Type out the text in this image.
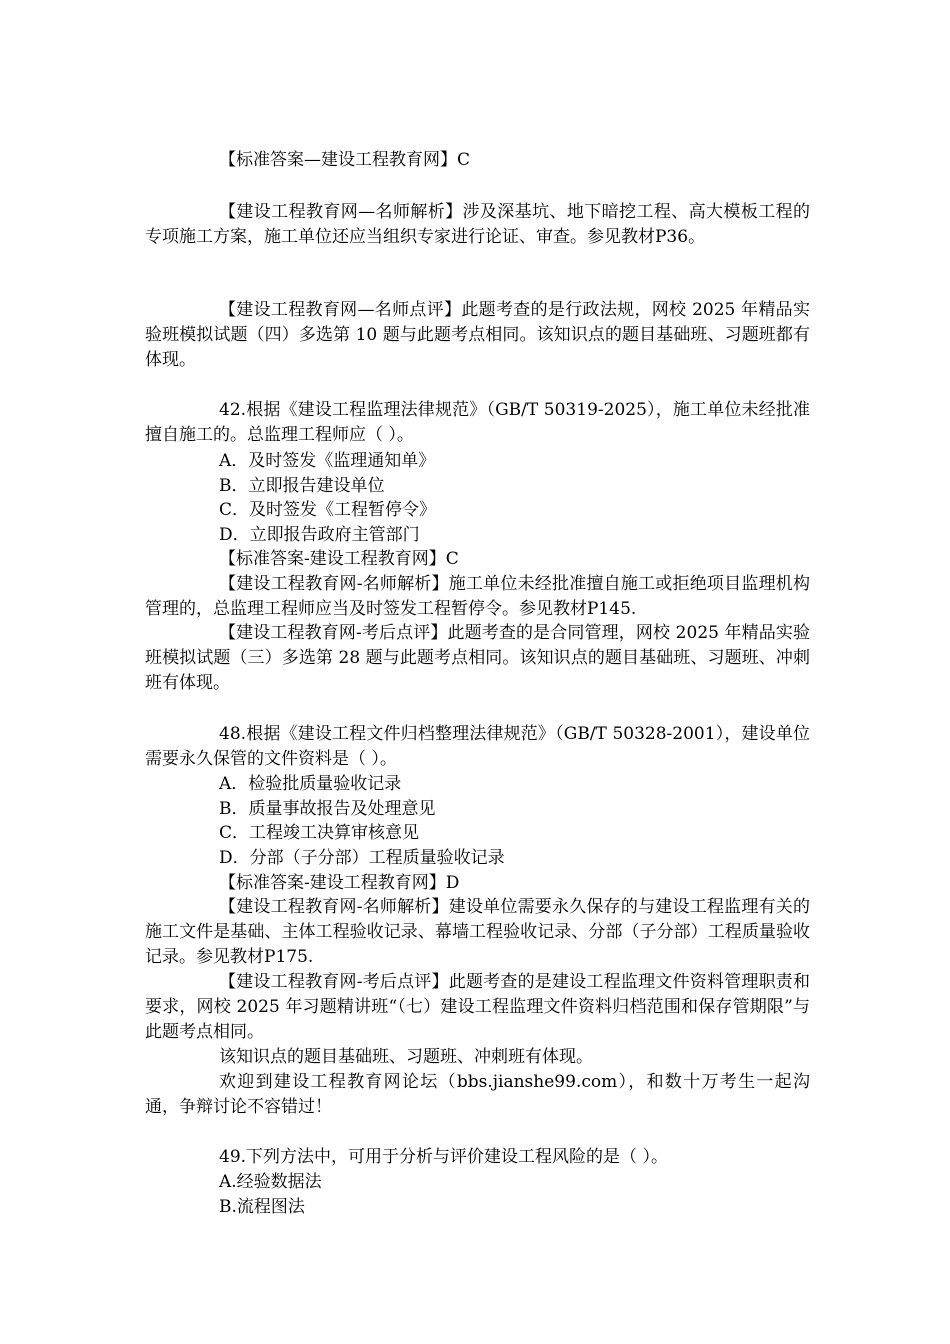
【标准答案—建设工程教育网】C
【建设工程教育网—名师解析】涉及深基坑、地下暗挖工程、高大模板工程的专项施工方案，施工单位还应当组织专家进行论证、审查。参见教材P36。
【建设工程教育网—名师点评】此题考查的是行政法规，网校 2025 年精品实验班模拟试题（四）多选第 10 题与此题考点相同。该知识点的题目基础班、习题班都有体现。
42.根据《建设工程监理法律规范》（GB/T 50319-2025），施工单位未经批准擅自施工的。总监理工程师应（ ）。
A．及时签发《监理通知单》
B．立即报告建设单位
C．及时签发《工程暂停令》
D．立即报告政府主管部门
【标准答案-建设工程教育网】C
【建设工程教育网-名师解析】施工单位未经批准擅自施工或拒绝项目监理机构管理的，总监理工程师应当及时签发工程暂停令。参见教材P145.
【建设工程教育网-考后点评】此题考查的是合同管理，网校 2025 年精品实验班模拟试题（三）多选第 28 题与此题考点相同。该知识点的题目基础班、习题班、冲刺班有体现。
48.根据《建设工程文件归档整理法律规范》（GB/T 50328-2001），建设单位需要永久保管的文件资料是（ ）。
A．检验批质量验收记录
B．质量事故报告及处理意见
C．工程竣工决算审核意见
D．分部（子分部）工程质量验收记录
【标准答案-建设工程教育网】D
【建设工程教育网-名师解析】建设单位需要永久保存的与建设工程监理有关的施工文件是基础、主体工程验收记录、幕墙工程验收记录、分部（子分部）工程质量验收记录。参见教材P175.
【建设工程教育网-考后点评】此题考查的是建设工程监理文件资料管理职责和要求，网校 2025 年习题精讲班“（七）建设工程监理文件资料归档范围和保存管期限”与此题考点相同。
该知识点的题目基础班、习题班、冲刺班有体现。
欢迎到建设工程教育网论坛（bbs.jianshe99.com），和数十万考生一起沟通，争辩讨论不容错过！
49.下列方法中，可用于分析与评价建设工程风险的是（ ）。
A.经验数据法
B.流程图法
